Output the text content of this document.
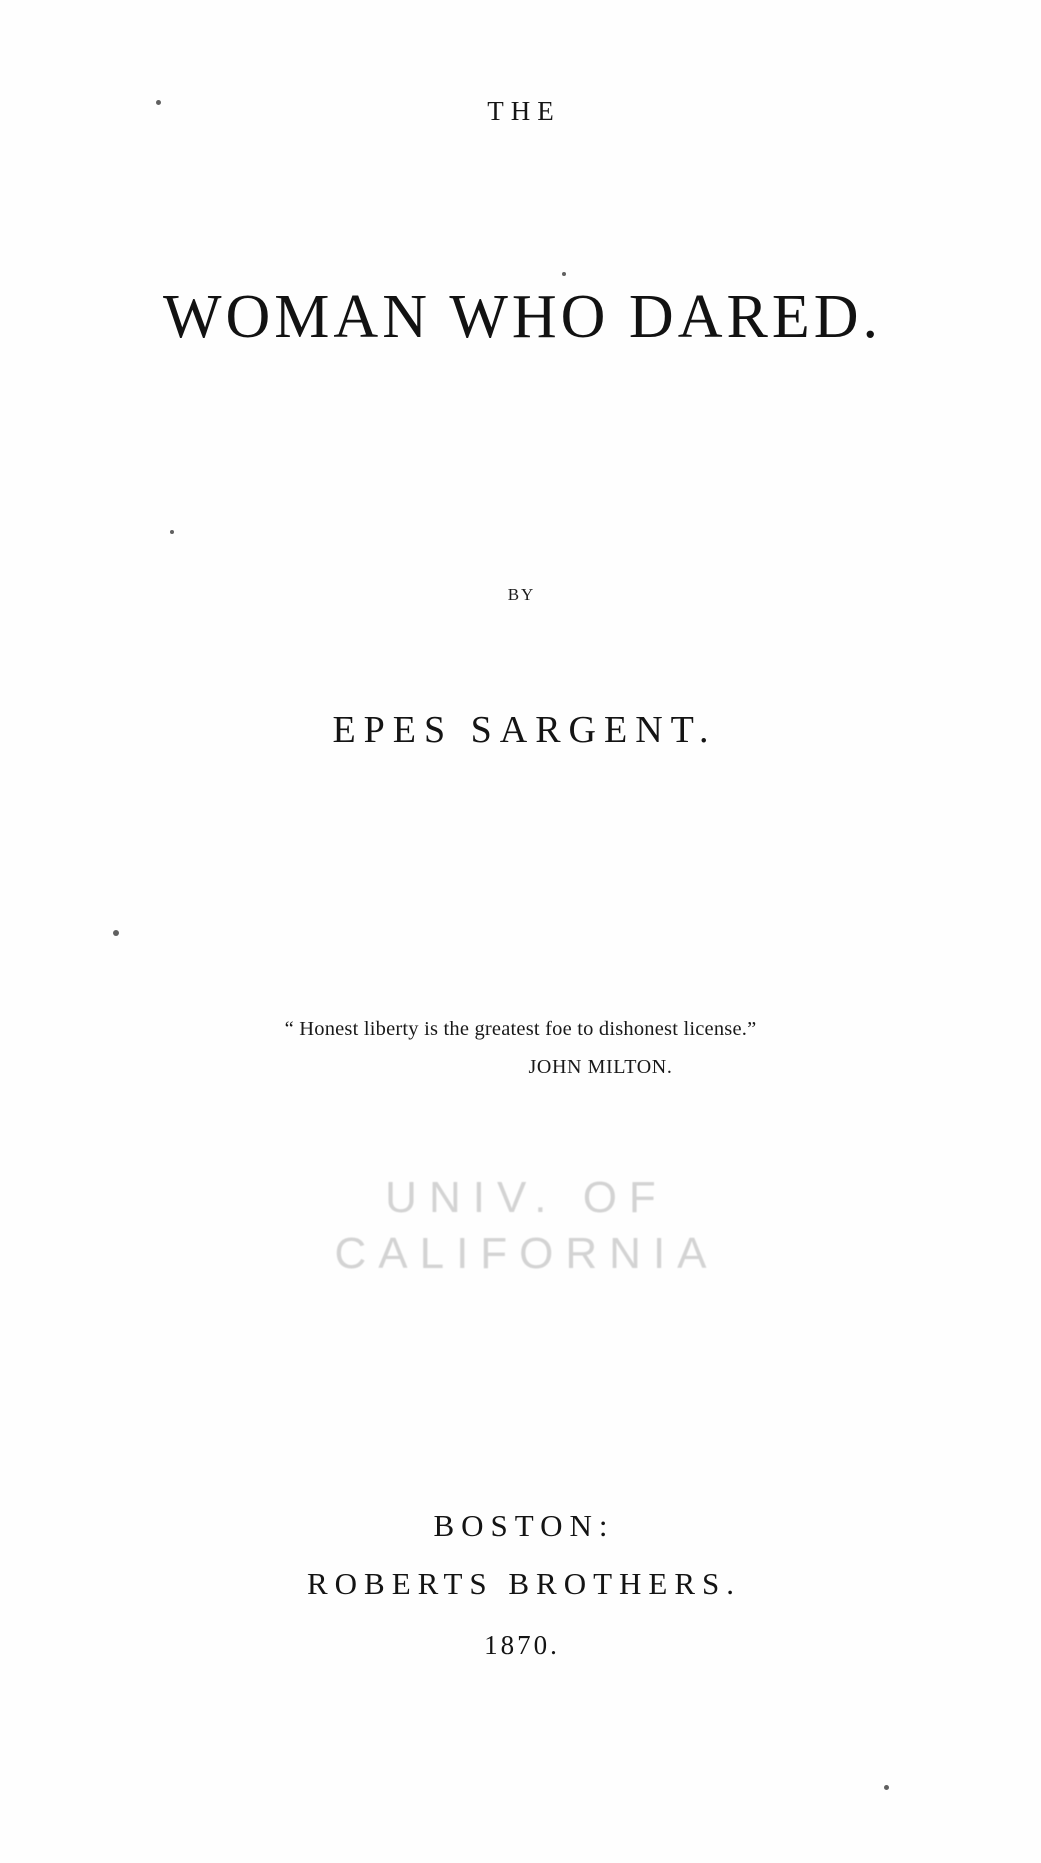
THE
WOMAN WHO DARED.
BY
EPES SARGENT.
“ Honest liberty is the greatest foe to dishonest license.”
JOHN MILTON.
UNIV. OF
CALIFORNIA
BOSTON:
ROBERTS BROTHERS.
1870.
